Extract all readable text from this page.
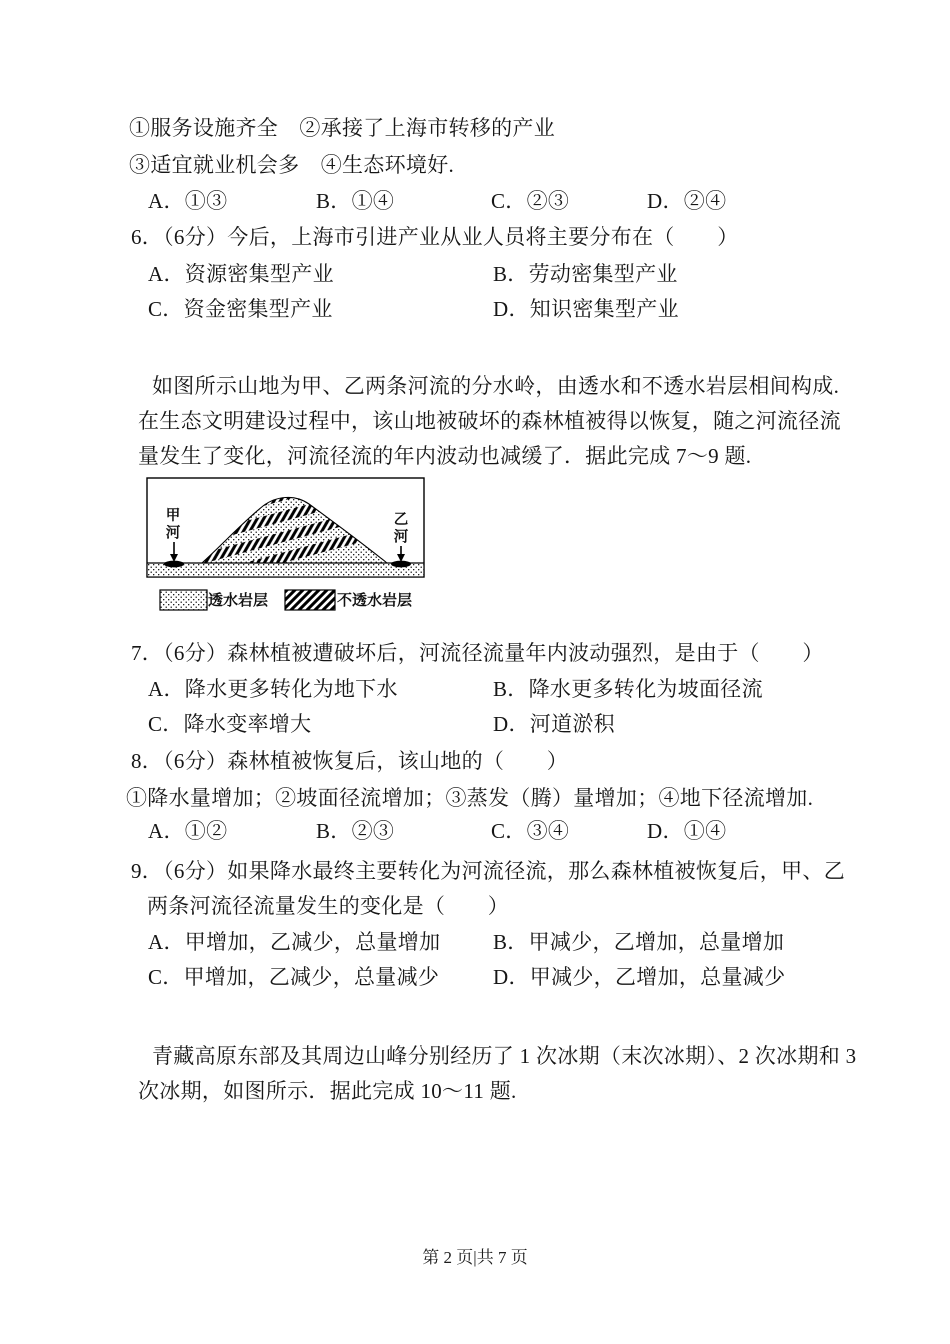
①服务设施齐全　②承接了上海市转移的产业
③适宜就业机会多　④生态环境好.
A．①③	B．①④	C．②③	D．②④
6．（6分）今后，上海市引进产业从业人员将主要分布在（　　）
A．资源密集型产业	B．劳动密集型产业
C．资金密集型产业	D．知识密集型产业
如图所示山地为甲、乙两条河流的分水岭，由透水和不透水岩层相间构成.
在生态文明建设过程中，该山地被破坏的森林植被得以恢复，随之河流径流
量发生了变化，河流径流的年内波动也减缓了．据此完成 7～9 题.
甲河	乙河
透水岩层	不透水岩层
7．（6分）森林植被遭破坏后，河流径流量年内波动强烈，是由于（　　）
A．降水更多转化为地下水	B．降水更多转化为坡面径流
C．降水变率增大	D．河道淤积
8．（6分）森林植被恢复后，该山地的（　　）
①降水量增加；②坡面径流增加；③蒸发（腾）量增加；④地下径流增加.
A．①②	B．②③	C．③④	D．①④
9．（6分）如果降水最终主要转化为河流径流，那么森林植被恢复后，甲、乙
两条河流径流量发生的变化是（　　）
A．甲增加，乙减少，总量增加	B．甲减少，乙增加，总量增加
C．甲增加，乙减少，总量减少	D．甲减少，乙增加，总量减少
青藏高原东部及其周边山峰分别经历了 1 次冰期（末次冰期）、2 次冰期和 3
次冰期，如图所示．据此完成 10～11 题.
第 2 页|共 7 页
